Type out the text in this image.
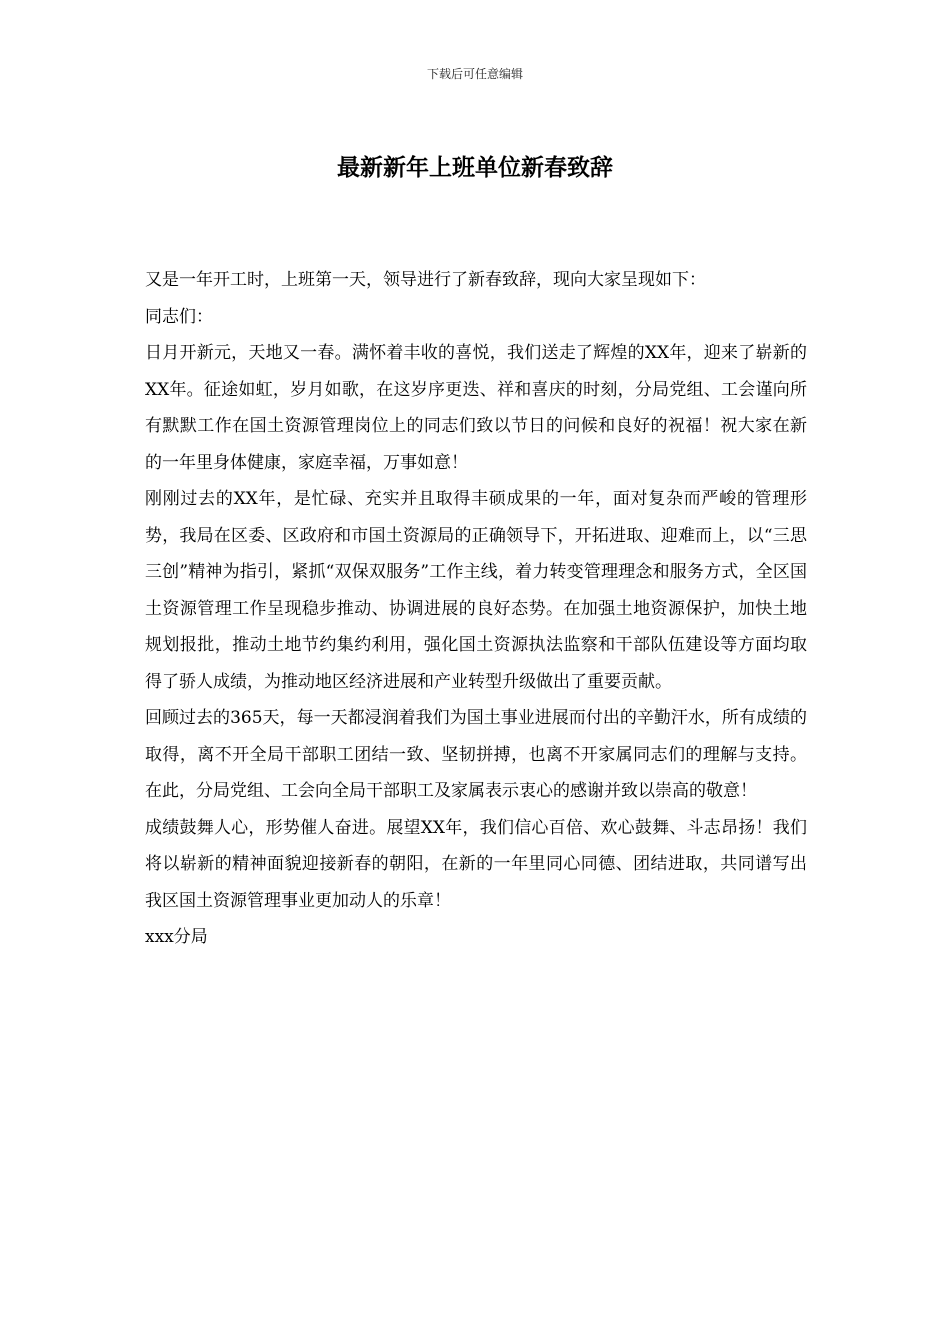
下载后可任意编辑
最新新年上班单位新春致辞

又是一年开工时，上班第一天，领导进行了新春致辞，现向大家呈现如下：

同志们：

日月开新元，天地又一春。满怀着丰收的喜悦，我们送走了辉煌的XX年，迎来了崭新的XX年。征途如虹，岁月如歌，在这岁序更迭、祥和喜庆的时刻，分局党组、工会谨向所有默默工作在国土资源管理岗位上的同志们致以节日的问候和良好的祝福！祝大家在新的一年里身体健康，家庭幸福，万事如意！

刚刚过去的XX年，是忙碌、充实并且取得丰硕成果的一年，面对复杂而严峻的管理形势，我局在区委、区政府和市国土资源局的正确领导下，开拓进取、迎难而上，以“三思三创”精神为指引，紧抓“双保双服务”工作主线，着力转变管理理念和服务方式，全区国土资源管理工作呈现稳步推动、协调进展的良好态势。在加强土地资源保护，加快土地规划报批，推动土地节约集约利用，强化国土资源执法监察和干部队伍建设等方面均取得了骄人成绩，为推动地区经济进展和产业转型升级做出了重要贡献。

回顾过去的365天，每一天都浸润着我们为国土事业进展而付出的辛勤汗水，所有成绩的取得，离不开全局干部职工团结一致、坚韧拼搏，也离不开家属同志们的理解与支持。在此，分局党组、工会向全局干部职工及家属表示衷心的感谢并致以崇高的敬意！

成绩鼓舞人心，形势催人奋进。展望XX年，我们信心百倍、欢心鼓舞、斗志昂扬！我们将以崭新的精神面貌迎接新春的朝阳，在新的一年里同心同德、团结进取，共同谱写出我区国土资源管理事业更加动人的乐章！

xxx分局
